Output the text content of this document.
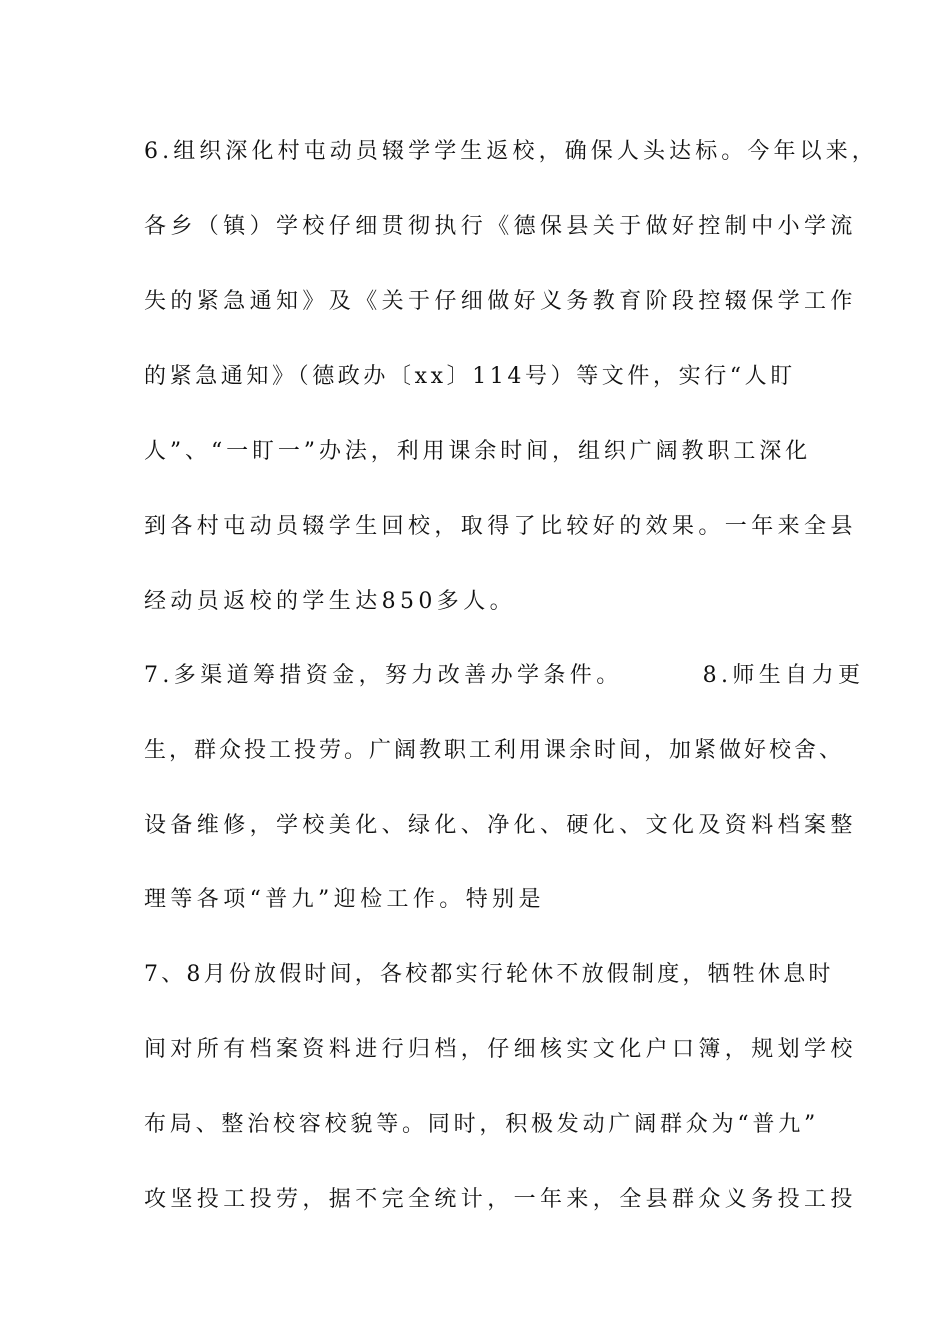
6.组织深化村屯动员辍学学生返校，确保人头达标。今年以来，

各乡（镇）学校仔细贯彻执行《德保县关于做好控制中小学流

失的紧急通知》及《关于仔细做好义务教育阶段控辍保学工作

的紧急通知》（德政办〔xx〕114号）等文件，实行“人盯

人”、“一盯一”办法，利用课余时间，组织广阔教职工深化

到各村屯动员辍学生回校，取得了比较好的效果。一年来全县

经动员返校的学生达850多人。

7.多渠道筹措资金，努力改善办学条件。	8.师生自力更

生，群众投工投劳。广阔教职工利用课余时间，加紧做好校舍、

设备维修，学校美化、绿化、净化、硬化、文化及资料档案整

理等各项“普九”迎检工作。特别是

7、8月份放假时间，各校都实行轮休不放假制度，牺牲休息时

间对所有档案资料进行归档，仔细核实文化户口簿，规划学校

布局、整治校容校貌等。同时，积极发动广阔群众为“普九”

攻坚投工投劳，据不完全统计，一年来，全县群众义务投工投
